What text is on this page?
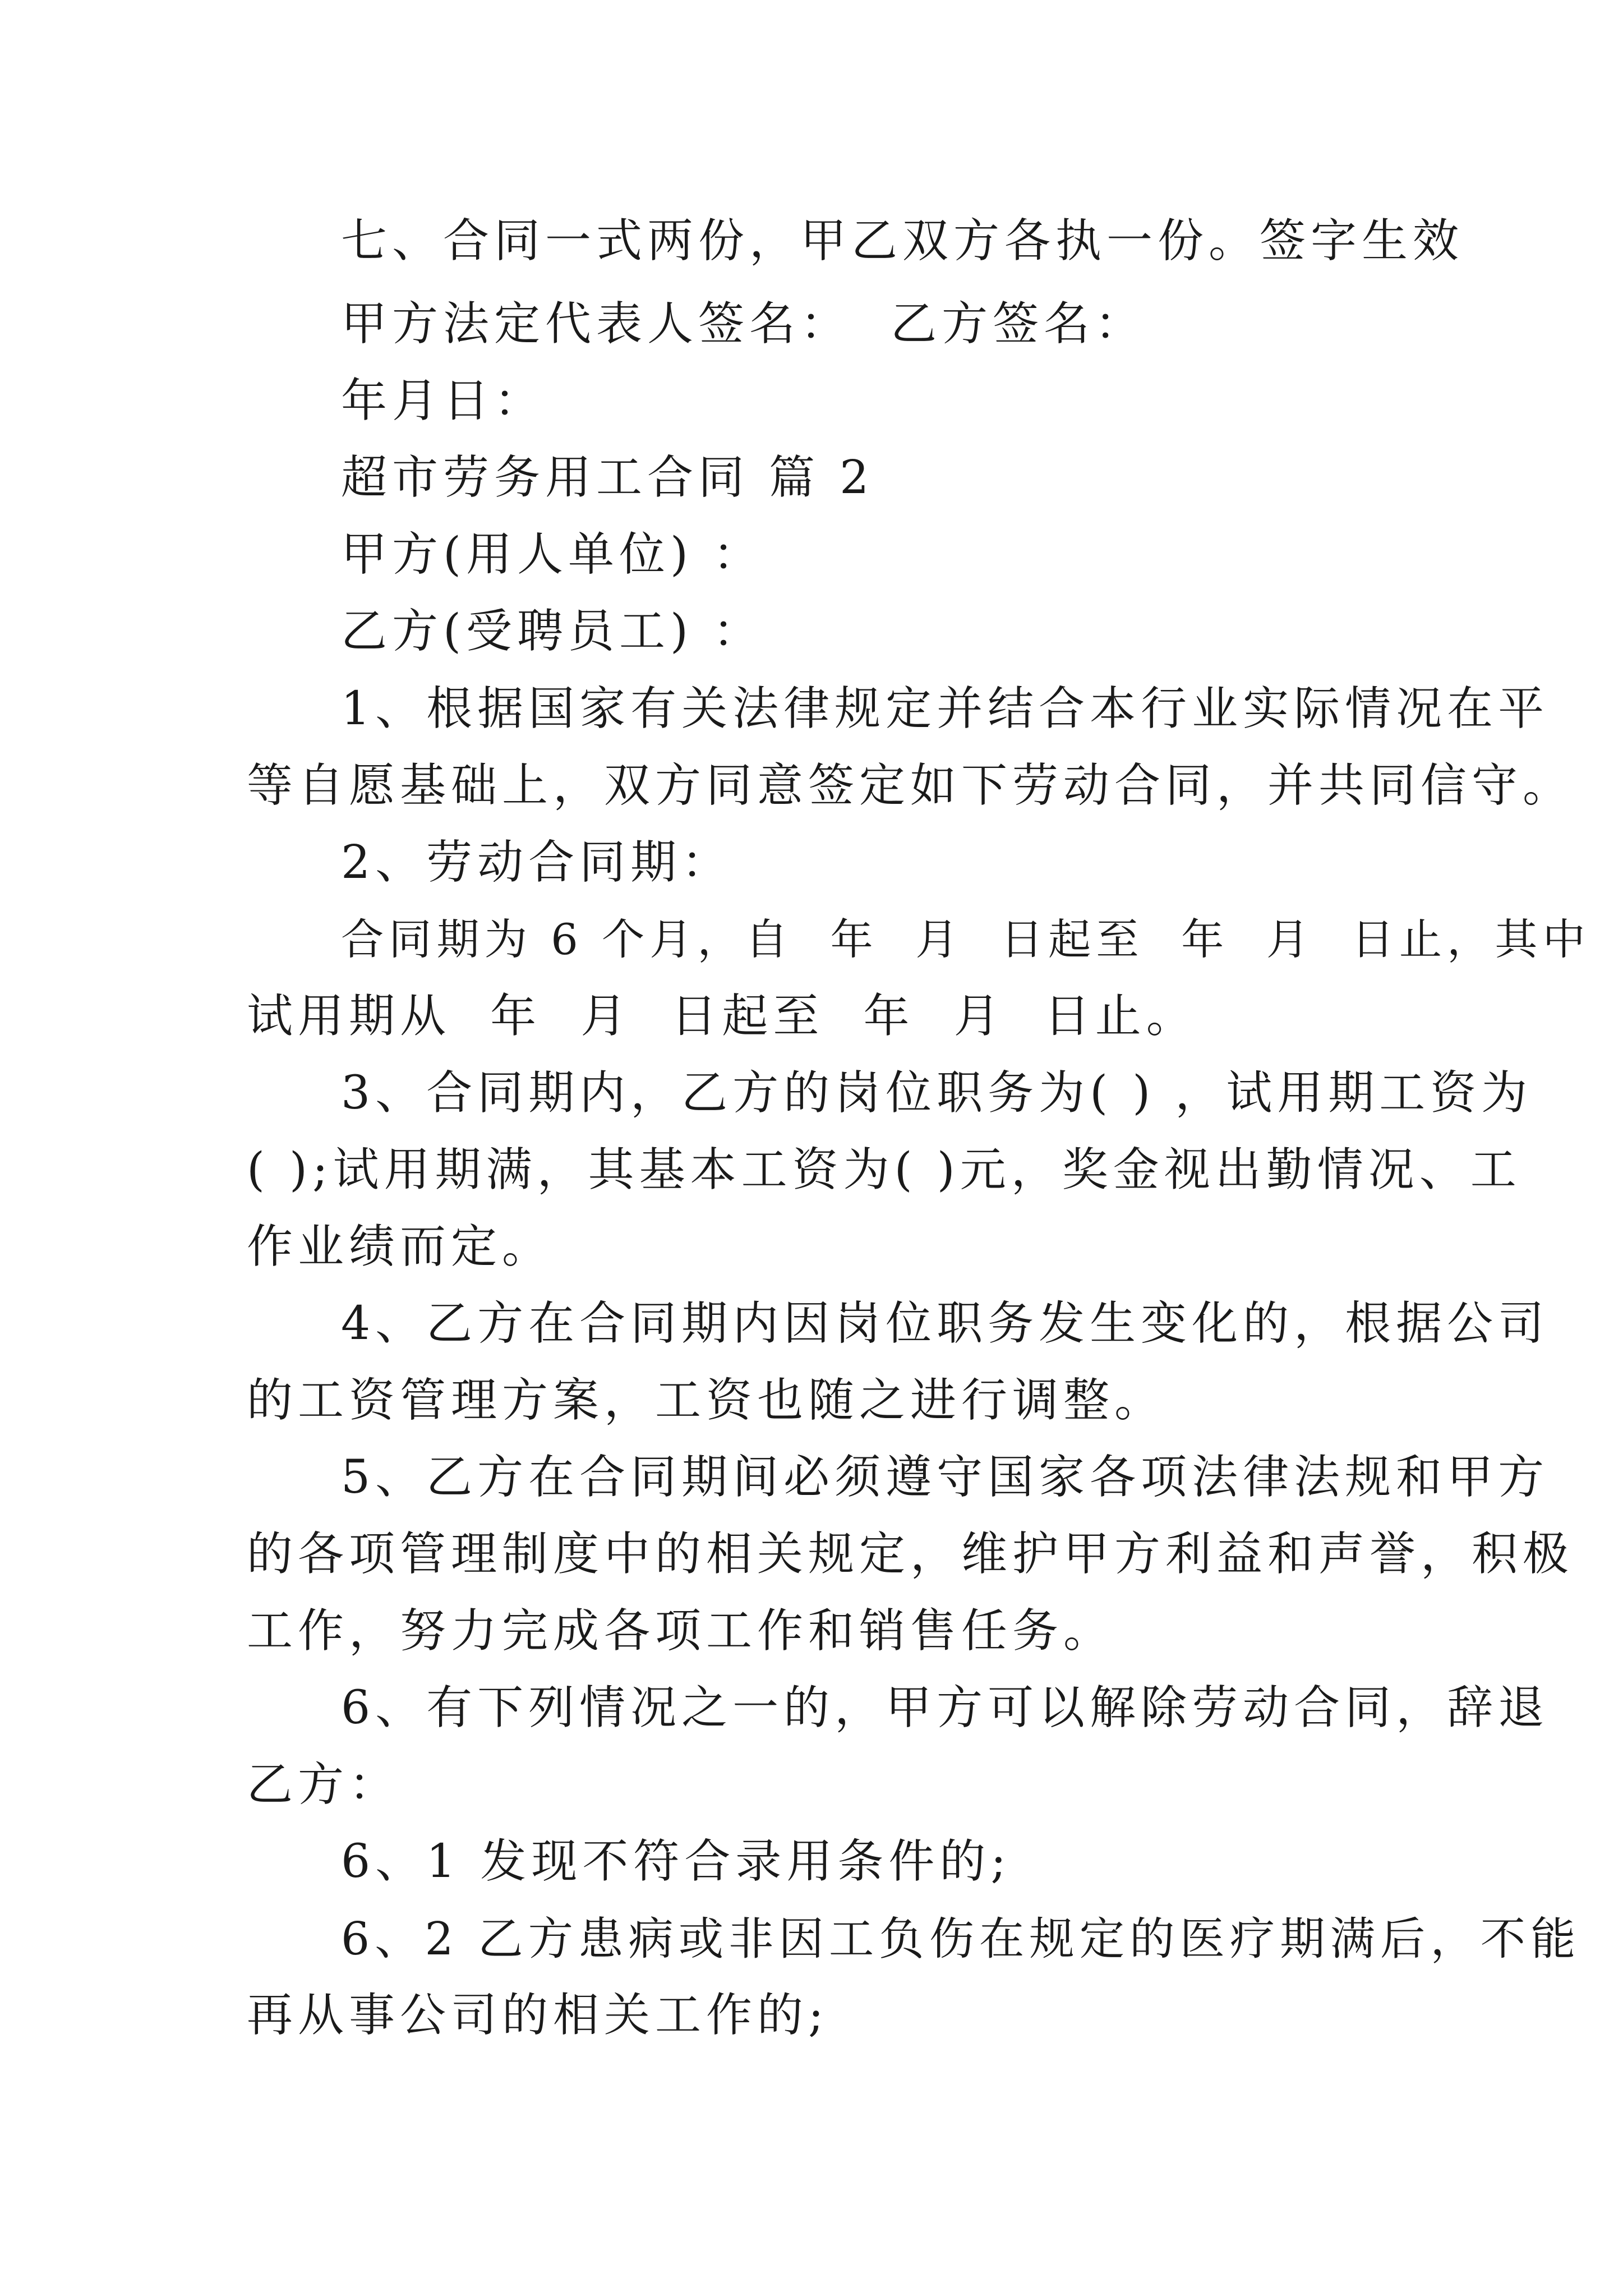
七、合同一式两份，甲乙双方各执一份。签字生效

甲方法定代表人签名：  乙方签名：

年月日：

超市劳务用工合同 篇 2

甲方(用人单位) ：

乙方(受聘员工) ：

1、根据国家有关法律规定并结合本行业实际情况在平

等自愿基础上，双方同意签定如下劳动合同，并共同信守。

2、劳动合同期：

合同期为 6 个月，自  年  月  日起至  年  月  日止，其中

试用期从  年  月  日起至  年  月  日止。

3、合同期内，乙方的岗位职务为( ) ，试用期工资为

( );试用期满，其基本工资为( )元，奖金视出勤情况、工

作业绩而定。

4、乙方在合同期内因岗位职务发生变化的，根据公司

的工资管理方案，工资也随之进行调整。

5、乙方在合同期间必须遵守国家各项法律法规和甲方

的各项管理制度中的相关规定，维护甲方利益和声誉，积极

工作，努力完成各项工作和销售任务。

6、有下列情况之一的，甲方可以解除劳动合同，辞退

乙方：

6、1 发现不符合录用条件的;

6、2 乙方患病或非因工负伤在规定的医疗期满后，不能

再从事公司的相关工作的;
